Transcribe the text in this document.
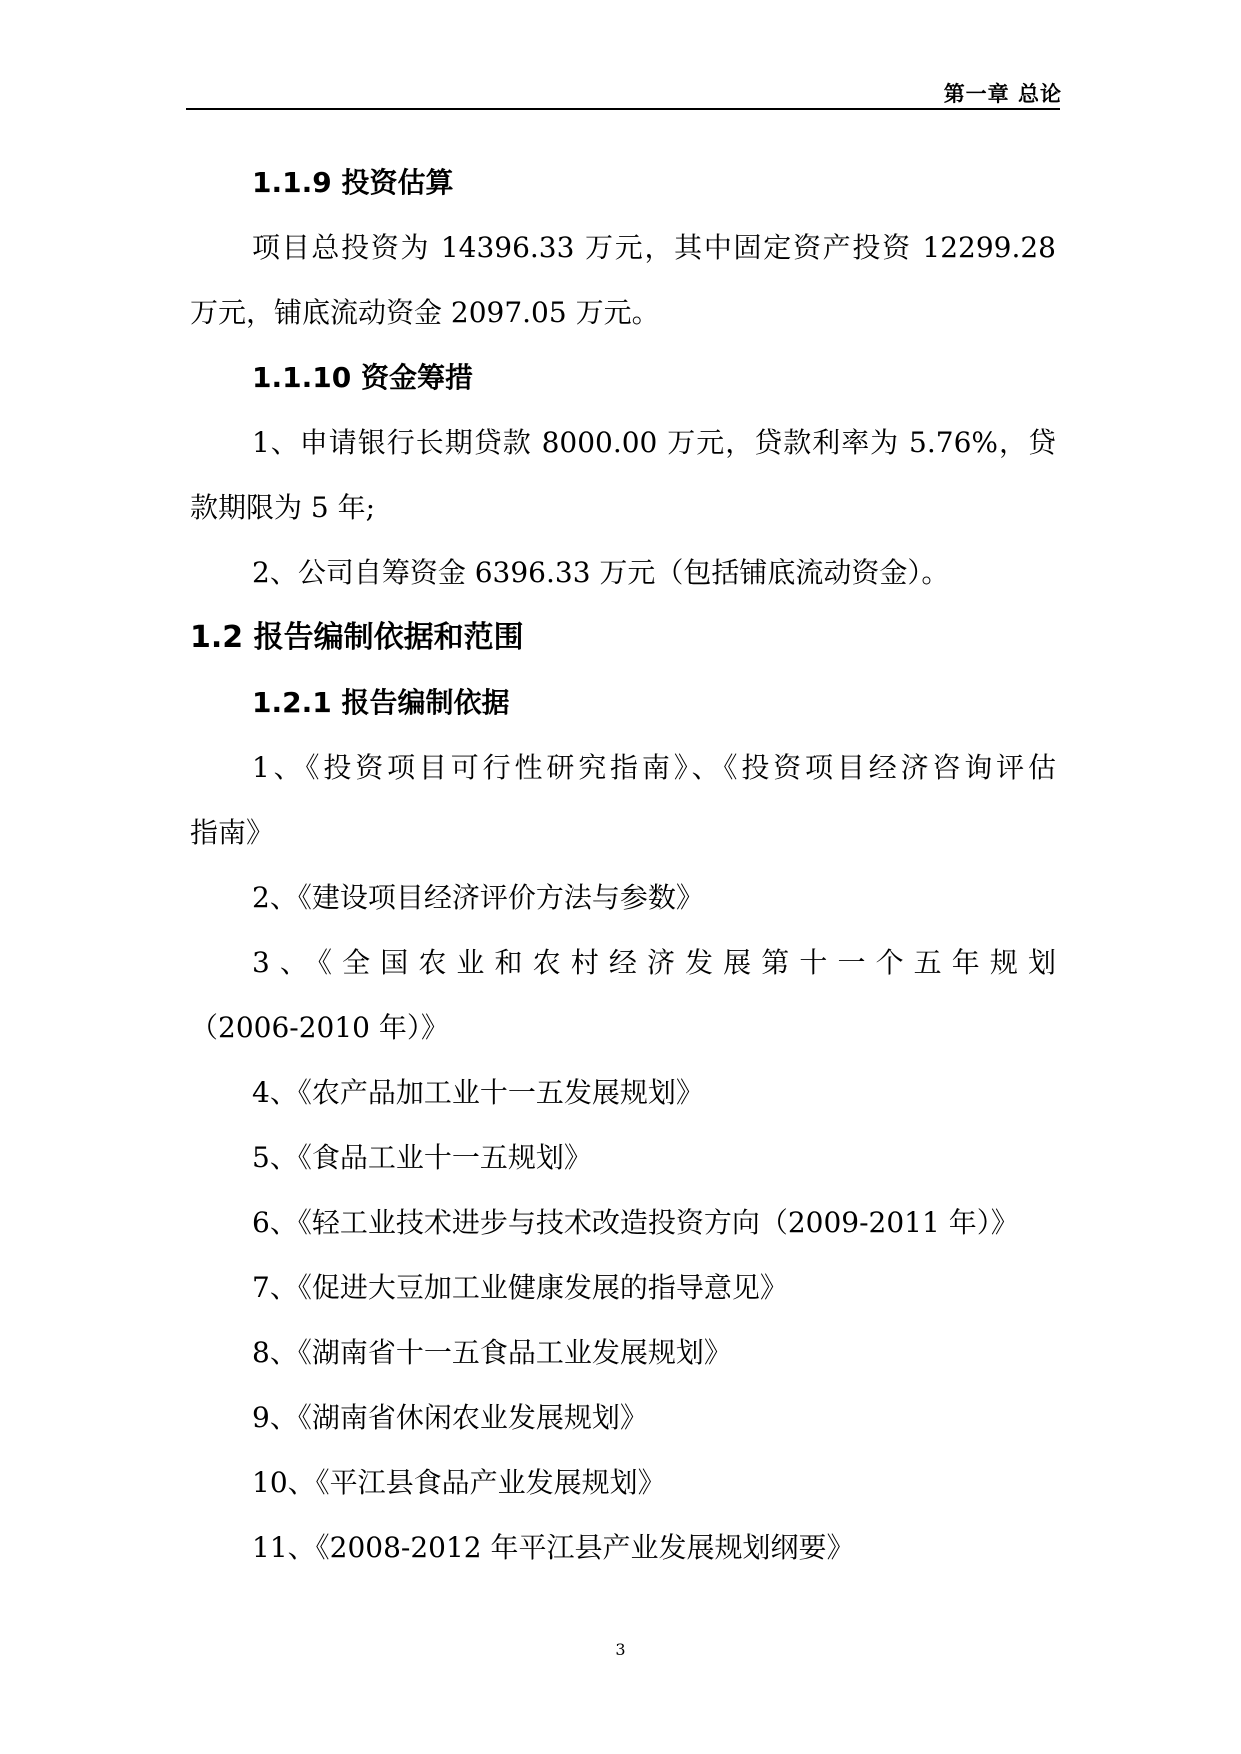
第一章 总论
1.1.9 投资估算
项目总投资为 14396.33 万元，其中固定资产投资 12299.28
万元，铺底流动资金 2097.05 万元。
1.1.10 资金筹措
1、申请银行长期贷款 8000.00 万元，贷款利率为 5.76%，贷
款期限为 5 年;
2、公司自筹资金 6396.33 万元（包括铺底流动资金）。
1.2 报告编制依据和范围
1.2.1 报告编制依据
1、《投资项目可行性研究指南》、《投资项目经济咨询评估
指南》
2、《建设项目经济评价方法与参数》
3、《全国农业和农村经济发展第十一个五年规划
（2006-2010 年）》
4、《农产品加工业十一五发展规划》
5、《食品工业十一五规划》
6、《轻工业技术进步与技术改造投资方向（2009-2011 年）》
7、《促进大豆加工业健康发展的指导意见》
8、《湖南省十一五食品工业发展规划》
9、《湖南省休闲农业发展规划》
10、《平江县食品产业发展规划》
11、《2008-2012 年平江县产业发展规划纲要》
3
